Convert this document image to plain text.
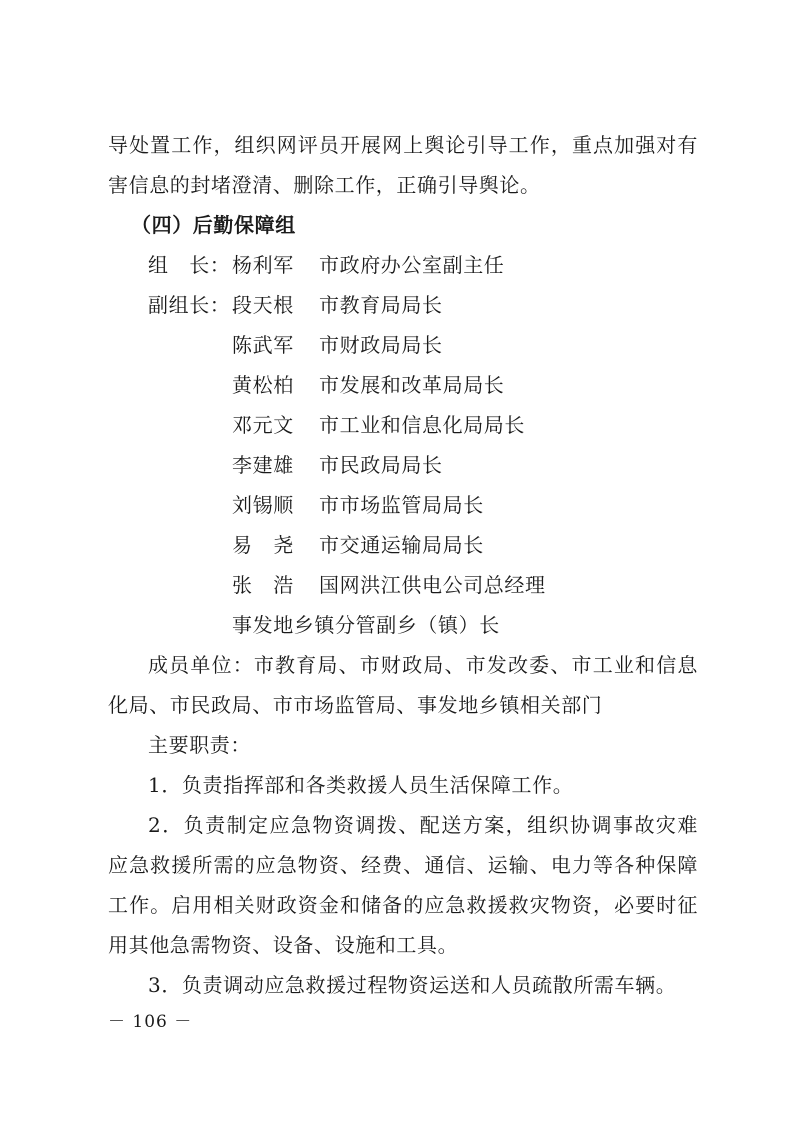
导处置工作，组织网评员开展网上舆论引导工作，重点加强对有
害信息的封堵澄清、删除工作，正确引导舆论。
（四）后勤保障组
组　长： 杨利军 市政府办公室副主任
副组长： 段天根 市教育局局长
陈武军 市财政局局长
黄松柏 市发展和改革局局长
邓元文 市工业和信息化局局长
李建雄 市民政局局长
刘锡顺 市市场监管局局长
易　尧 市交通运输局局长
张　浩 国网洪江供电公司总经理
事发地乡镇分管副乡（镇）长
成员单位：市教育局、市财政局、市发改委、市工业和信息
化局、市民政局、市市场监管局、事发地乡镇相关部门
主要职责：
1．负责指挥部和各类救援人员生活保障工作。
2．负责制定应急物资调拨、配送方案，组织协调事故灾难
应急救援所需的应急物资、经费、通信、运输、电力等各种保障
工作。启用相关财政资金和储备的应急救援救灾物资，必要时征
用其他急需物资、设备、设施和工具。
3．负责调动应急救援过程物资运送和人员疏散所需车辆。
－ 106 －
